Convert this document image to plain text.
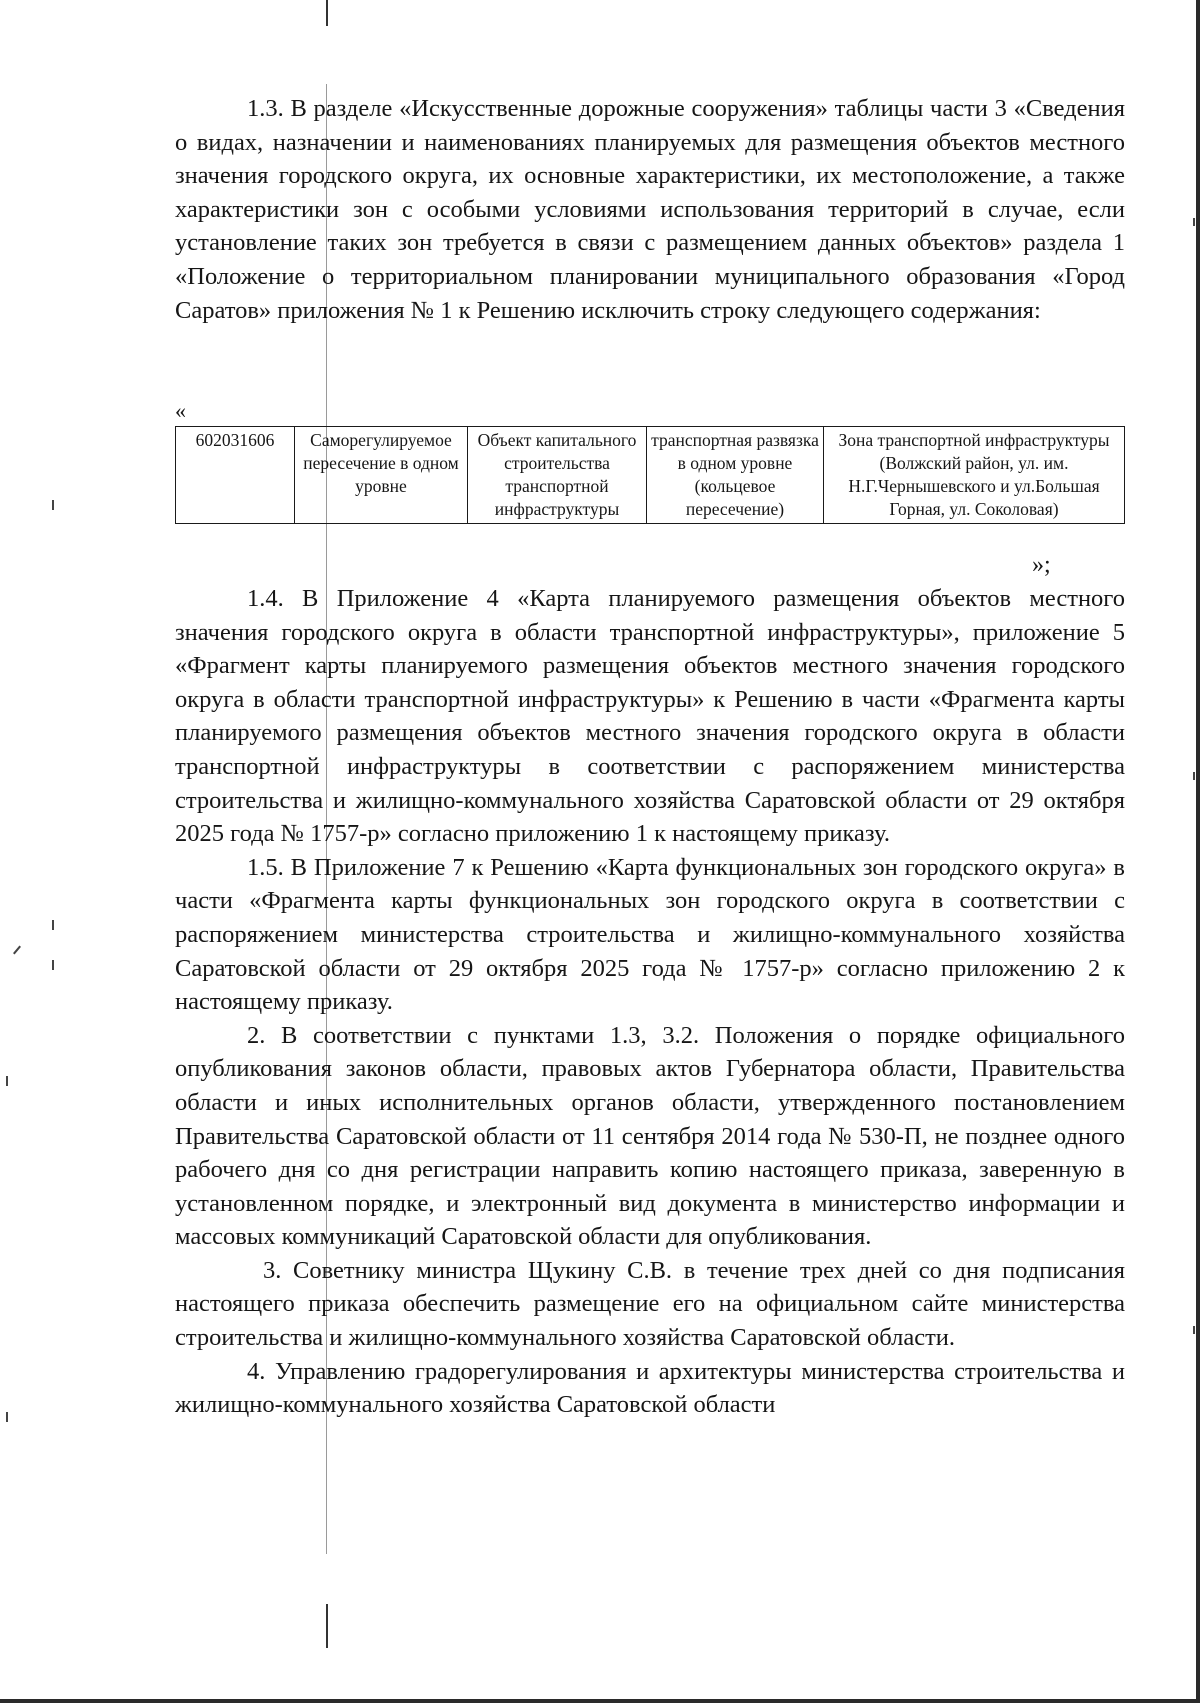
1.3. В разделе «Искусственные дорожные сооружения» таблицы части 3 «Сведения о видах, назначении и наименованиях планируемых для размещения объектов местного значения городского округа, их основные характеристики, их местоположение, а также характеристики зон с особыми условиями использования территорий в случае, если установление таких зон требуется в связи с размещением данных объектов» раздела 1 «Положение о территориальном планировании муниципального образования «Город Саратов» приложения № 1 к Решению исключить строку следующего содержания:

«
602031606	Саморегулируемое пересечение в одном уровне	Объект капитального строительства транспортной инфраструктуры	транспортная развязка в одном уровне (кольцевое пересечение)	Зона транспортной инфраструктуры (Волжский район, ул. им. Н.Г.Чернышевского и ул.Большая Горная, ул. Соколовая)
»;

1.4. В Приложение 4 «Карта планируемого размещения объектов местного значения городского округа в области транспортной инфраструктуры», приложение 5 «Фрагмент карты планируемого размещения объектов местного значения городского округа в области транспортной инфраструктуры» к Решению в части «Фрагмента карты планируемого размещения объектов местного значения городского округа в области транспортной инфраструктуры в соответствии с распоряжением министерства строительства и жилищно-коммунального хозяйства Саратовской области от 29 октября 2025 года № 1757-р» согласно приложению 1 к настоящему приказу.

1.5. В Приложение 7 к Решению «Карта функциональных зон городского округа» в части «Фрагмента карты функциональных зон городского округа в соответствии с распоряжением министерства строительства и жилищно-коммунального хозяйства Саратовской области от 29 октября 2025 года № 1757-р» согласно приложению 2 к настоящему приказу.

2. В соответствии с пунктами 1.3, 3.2. Положения о порядке официального опубликования законов области, правовых актов Губернатора области, Правительства области и иных исполнительных органов области, утвержденного постановлением Правительства Саратовской области от 11 сентября 2014 года № 530-П, не позднее одного рабочего дня со дня регистрации направить копию настоящего приказа, заверенную в установленном порядке, и электронный вид документа в министерство информации и массовых коммуникаций Саратовской области для опубликования.

3. Советнику министра Щукину С.В. в течение трех дней со дня подписания настоящего приказа обеспечить размещение его на официальном сайте министерства строительства и жилищно-коммунального хозяйства Саратовской области.

4. Управлению градорегулирования и архитектуры министерства строительства и жилищно-коммунального хозяйства Саратовской области
